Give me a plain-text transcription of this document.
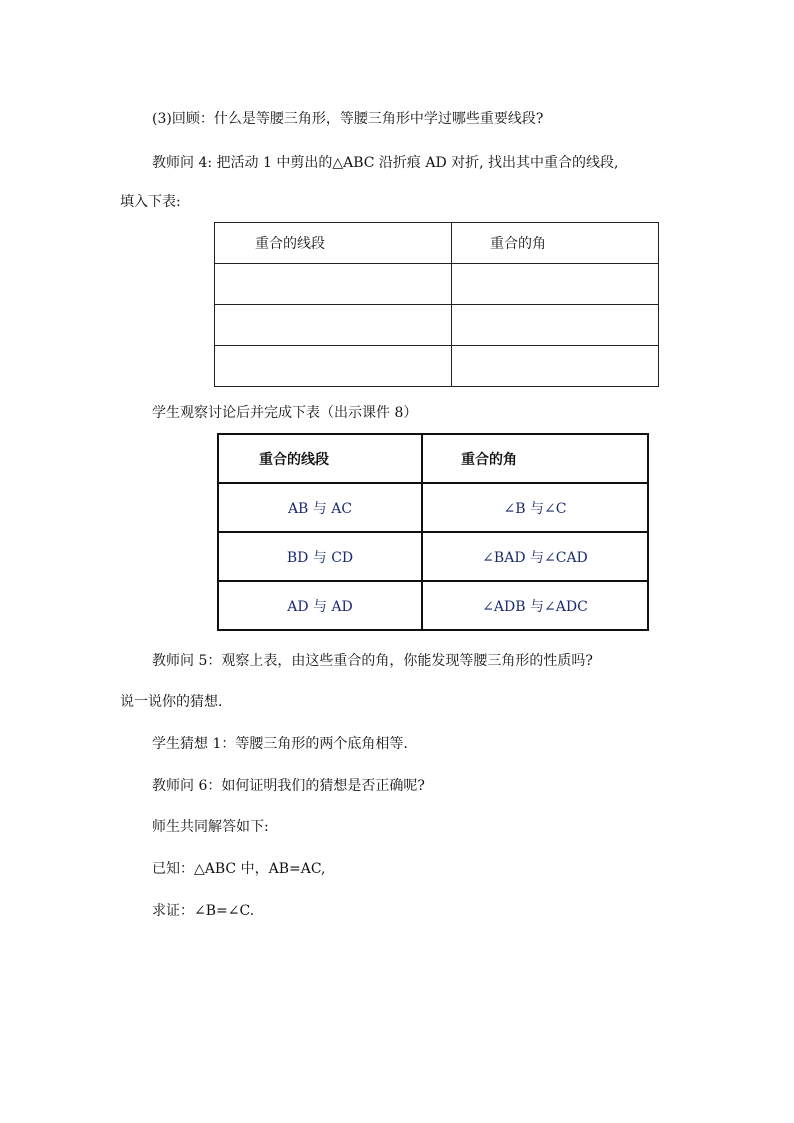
(3)回顾：什么是等腰三角形，等腰三角形中学过哪些重要线段?
教师问 4: 把活动 1 中剪出的△ABC 沿折痕 AD 对折, 找出其中重合的线段,
填入下表:
重合的线段	重合的角

学生观察讨论后并完成下表（出示课件 8）
重合的线段	重合的角
AB 与 AC	∠B 与∠C
BD 与 CD	∠BAD 与∠CAD
AD 与 AD	∠ADB 与∠ADC
教师问 5：观察上表，由这些重合的角，你能发现等腰三角形的性质吗?
说一说你的猜想.
学生猜想 1：等腰三角形的两个底角相等.
教师问 6：如何证明我们的猜想是否正确呢?
师生共同解答如下:
已知：△ABC 中，AB=AC,
求证：∠B=∠C.
